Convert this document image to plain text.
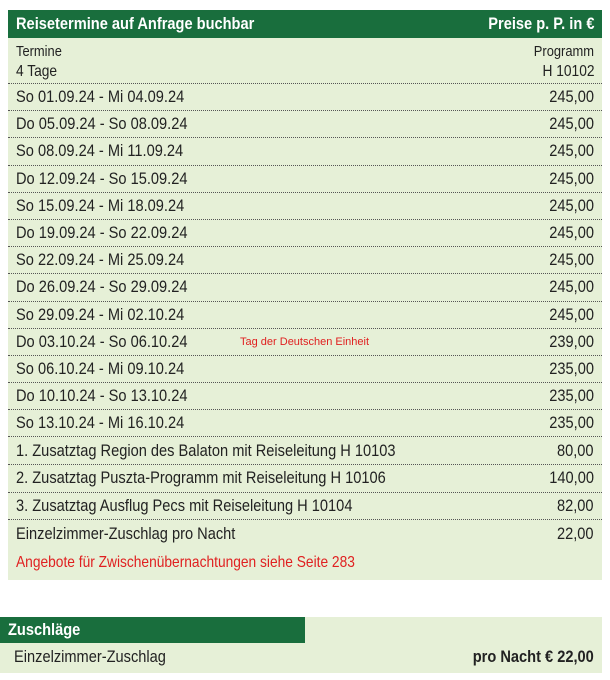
Reisetermine auf Anfrage buchbar	Preise p. P. in €
Termine	Programm
4 Tage	H 10102
So 01.09.24 - Mi 04.09.24	245,00
Do 05.09.24 - So 08.09.24	245,00
So 08.09.24 - Mi 11.09.24	245,00
Do 12.09.24 - So 15.09.24	245,00
So 15.09.24 - Mi 18.09.24	245,00
Do 19.09.24 - So 22.09.24	245,00
So 22.09.24 - Mi 25.09.24	245,00
Do 26.09.24 - So 29.09.24	245,00
So 29.09.24 - Mi 02.10.24	245,00
Do 03.10.24 - So 06.10.24	Tag der Deutschen Einheit	239,00
So 06.10.24 - Mi 09.10.24	235,00
Do 10.10.24 - So 13.10.24	235,00
So 13.10.24 - Mi 16.10.24	235,00
1. Zusatztag Region des Balaton mit Reiseleitung H 10103	80,00
2. Zusatztag Puszta-Programm mit Reiseleitung H 10106	140,00
3. Zusatztag Ausflug Pecs mit Reiseleitung H 10104	82,00
Einzelzimmer-Zuschlag pro Nacht	22,00
Angebote für Zwischenübernachtungen siehe Seite 283
Zuschläge
Einzelzimmer-Zuschlag	pro Nacht € 22,00
